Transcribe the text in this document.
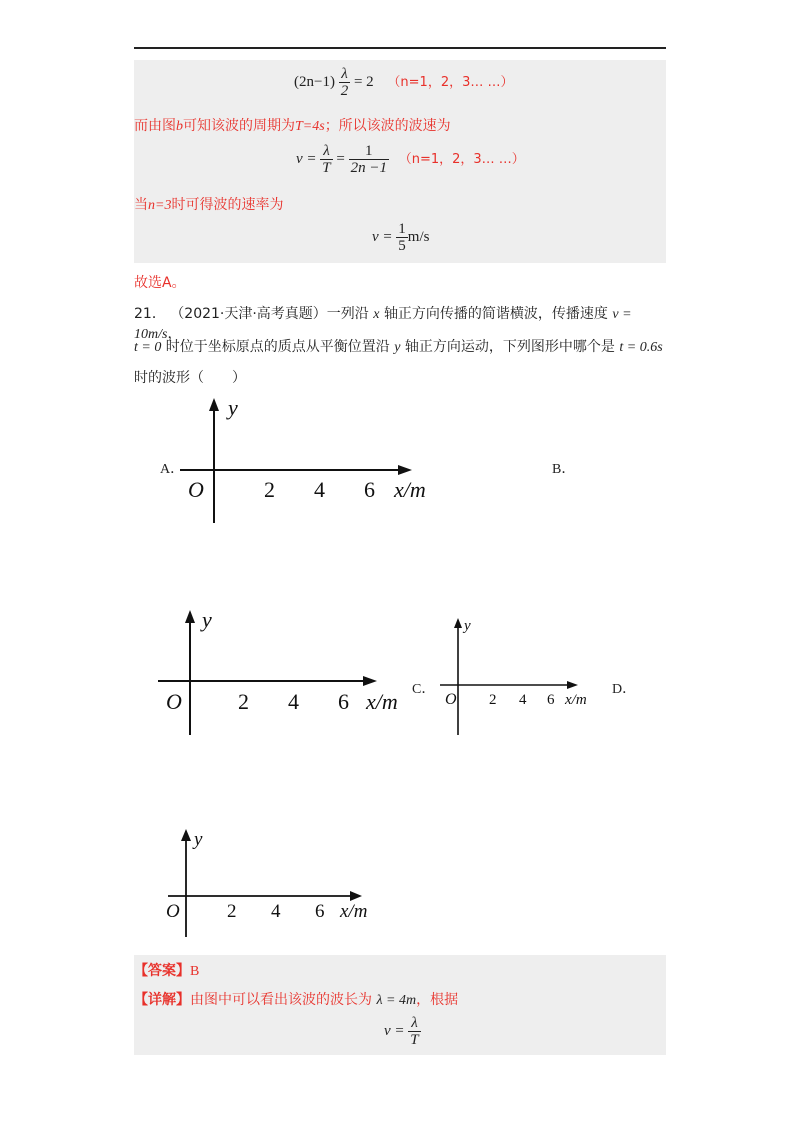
$(2n-1) \frac{\lambda}{2} = 2$ （n=1，2，3… …）
而由图b可知该波的周期为T=4s；所以该波的波速为
$v = \frac{\lambda}{T} = \frac{1}{2n -1} (n=1$，2，3… …）
当n=3时可得波的速率为
$v = \frac{1}{5} m/s$
故选A。
21． （2021·天津·高考真题）一列沿 x 轴正方向传播的简谐横波，传播速度 v = 10m/s，
t = 0 时位于坐标原点的质点从平衡位置沿 y 轴正方向运动，下列图形中哪个是 t = 0.6s
时的波形（　　）
A．	B．
C．	D．
y
O	2 4 6 x/m
y
O	2 4 6 x/m
y
O 2 4 6 x/m
y
O 2 4 6 x/m
【答案】B
【详解】由图中可以看出该波的波长为 λ = 4m，根据
$v = \frac{\lambda}{T}$
